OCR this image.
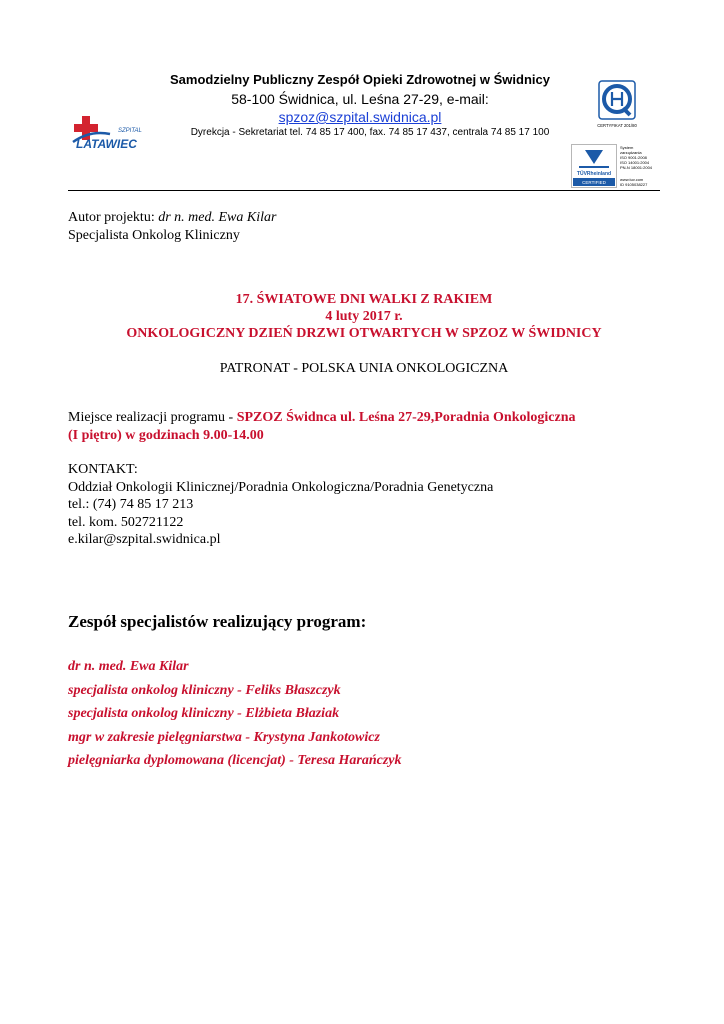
Samodzielny Publiczny Zespół Opieki Zdrowotnej w Świdnicy
58-100 Świdnica, ul. Leśna 27-29, e-mail:
spzoz@szpital.swidnica.pl
Dyrekcja - Sekretariat tel. 74 85 17 400, fax. 74 85 17 437, centrala 74 85 17 100
SZPITAL
LATAWIEC
CERTYFIKAT 201/80
TÜVRheinland
CERTIFIED
System
zarządzania
ISO 9001:2008
ISO 14001:2004
PN-N 18001:2004
www.tuv.com
ID 9105038227
Autor projektu: dr n. med. Ewa Kilar
Specjalista Onkolog Kliniczny
17. ŚWIATOWE DNI WALKI Z RAKIEM
4 luty 2017 r.
ONKOLOGICZNY DZIEŃ DRZWI OTWARTYCH W SPZOZ W ŚWIDNICY
PATRONAT - POLSKA UNIA ONKOLOGICZNA
Miejsce realizacji programu - SPZOZ Świdnca ul. Leśna 27-29,Poradnia Onkologiczna
(I piętro) w godzinach 9.00-14.00
KONTAKT:
Oddział Onkologii Klinicznej/Poradnia Onkologiczna/Poradnia Genetyczna
tel.: (74) 74 85 17 213
tel. kom. 502721122
e.kilar@szpital.swidnica.pl
Zespół specjalistów realizujący program:
dr n. med. Ewa Kilar
specjalista onkolog kliniczny - Feliks Błaszczyk
specjalista onkolog kliniczny - Elżbieta Błaziak
mgr w zakresie pielęgniarstwa - Krystyna Jankotowicz
pielęgniarka dyplomowana (licencjat) - Teresa Harańczyk
